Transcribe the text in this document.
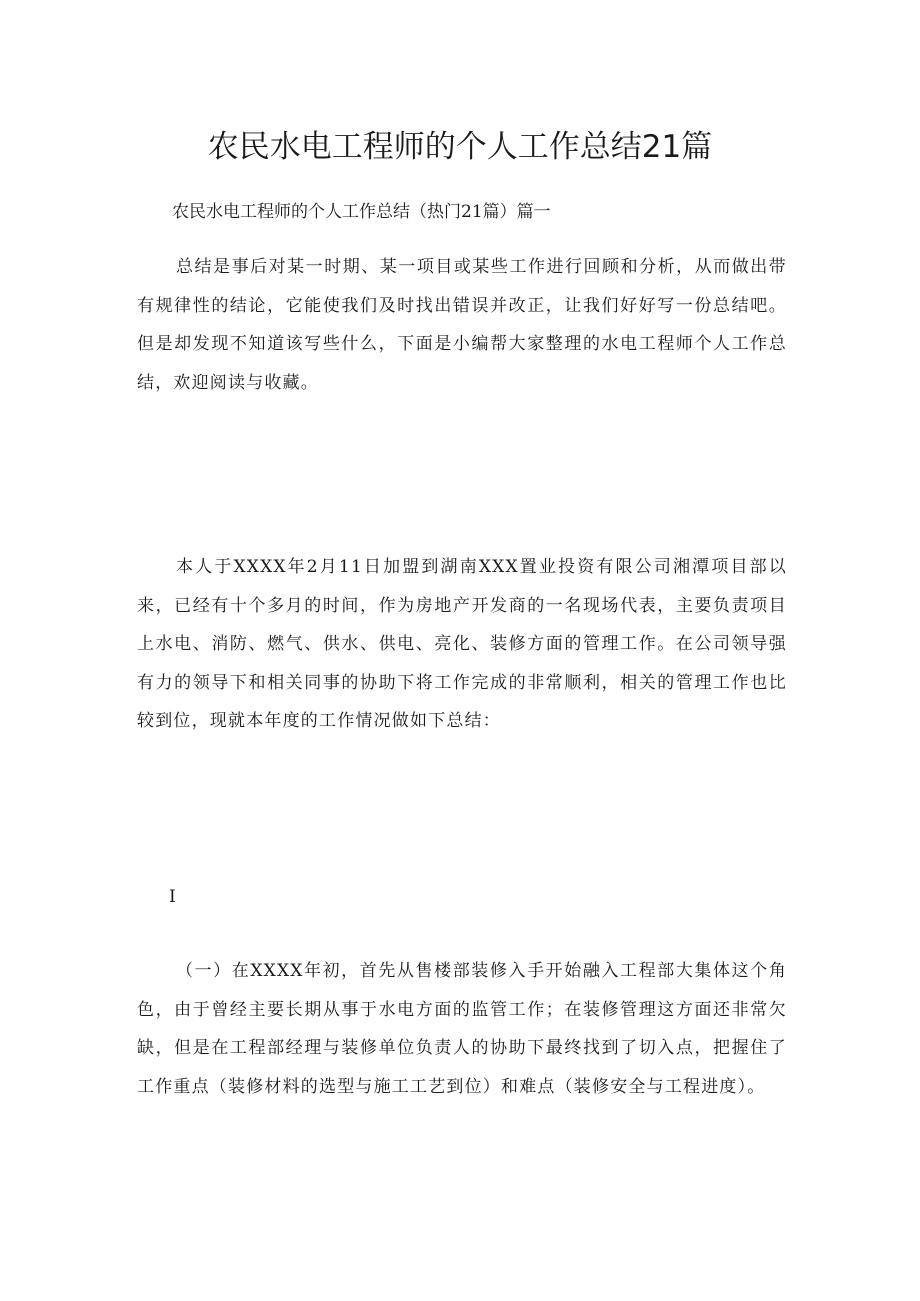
农民水电工程师的个人工作总结21篇
农民水电工程师的个人工作总结（热门21篇）篇一

总结是事后对某一时期、某一项目或某些工作进行回顾和分析，从而做出带有规律性的结论，它能使我们及时找出错误并改正，让我们好好写一份总结吧。但是却发现不知道该写些什么，下面是小编帮大家整理的水电工程师个人工作总结，欢迎阅读与收藏。

本人于XXXX年2月11日加盟到湖南XXX置业投资有限公司湘潭项目部以来，已经有十个多月的时间，作为房地产开发商的一名现场代表，主要负责项目上水电、消防、燃气、供水、供电、亮化、装修方面的管理工作。在公司领导强有力的领导下和相关同事的协助下将工作完成的非常顺利，相关的管理工作也比较到位，现就本年度的工作情况做如下总结：

I

（一）在XXXX年初，首先从售楼部装修入手开始融入工程部大集体这个角色，由于曾经主要长期从事于水电方面的监管工作；在装修管理这方面还非常欠缺，但是在工程部经理与装修单位负责人的协助下最终找到了切入点，把握住了工作重点（装修材料的选型与施工工艺到位）和难点（装修安全与工程进度）。
